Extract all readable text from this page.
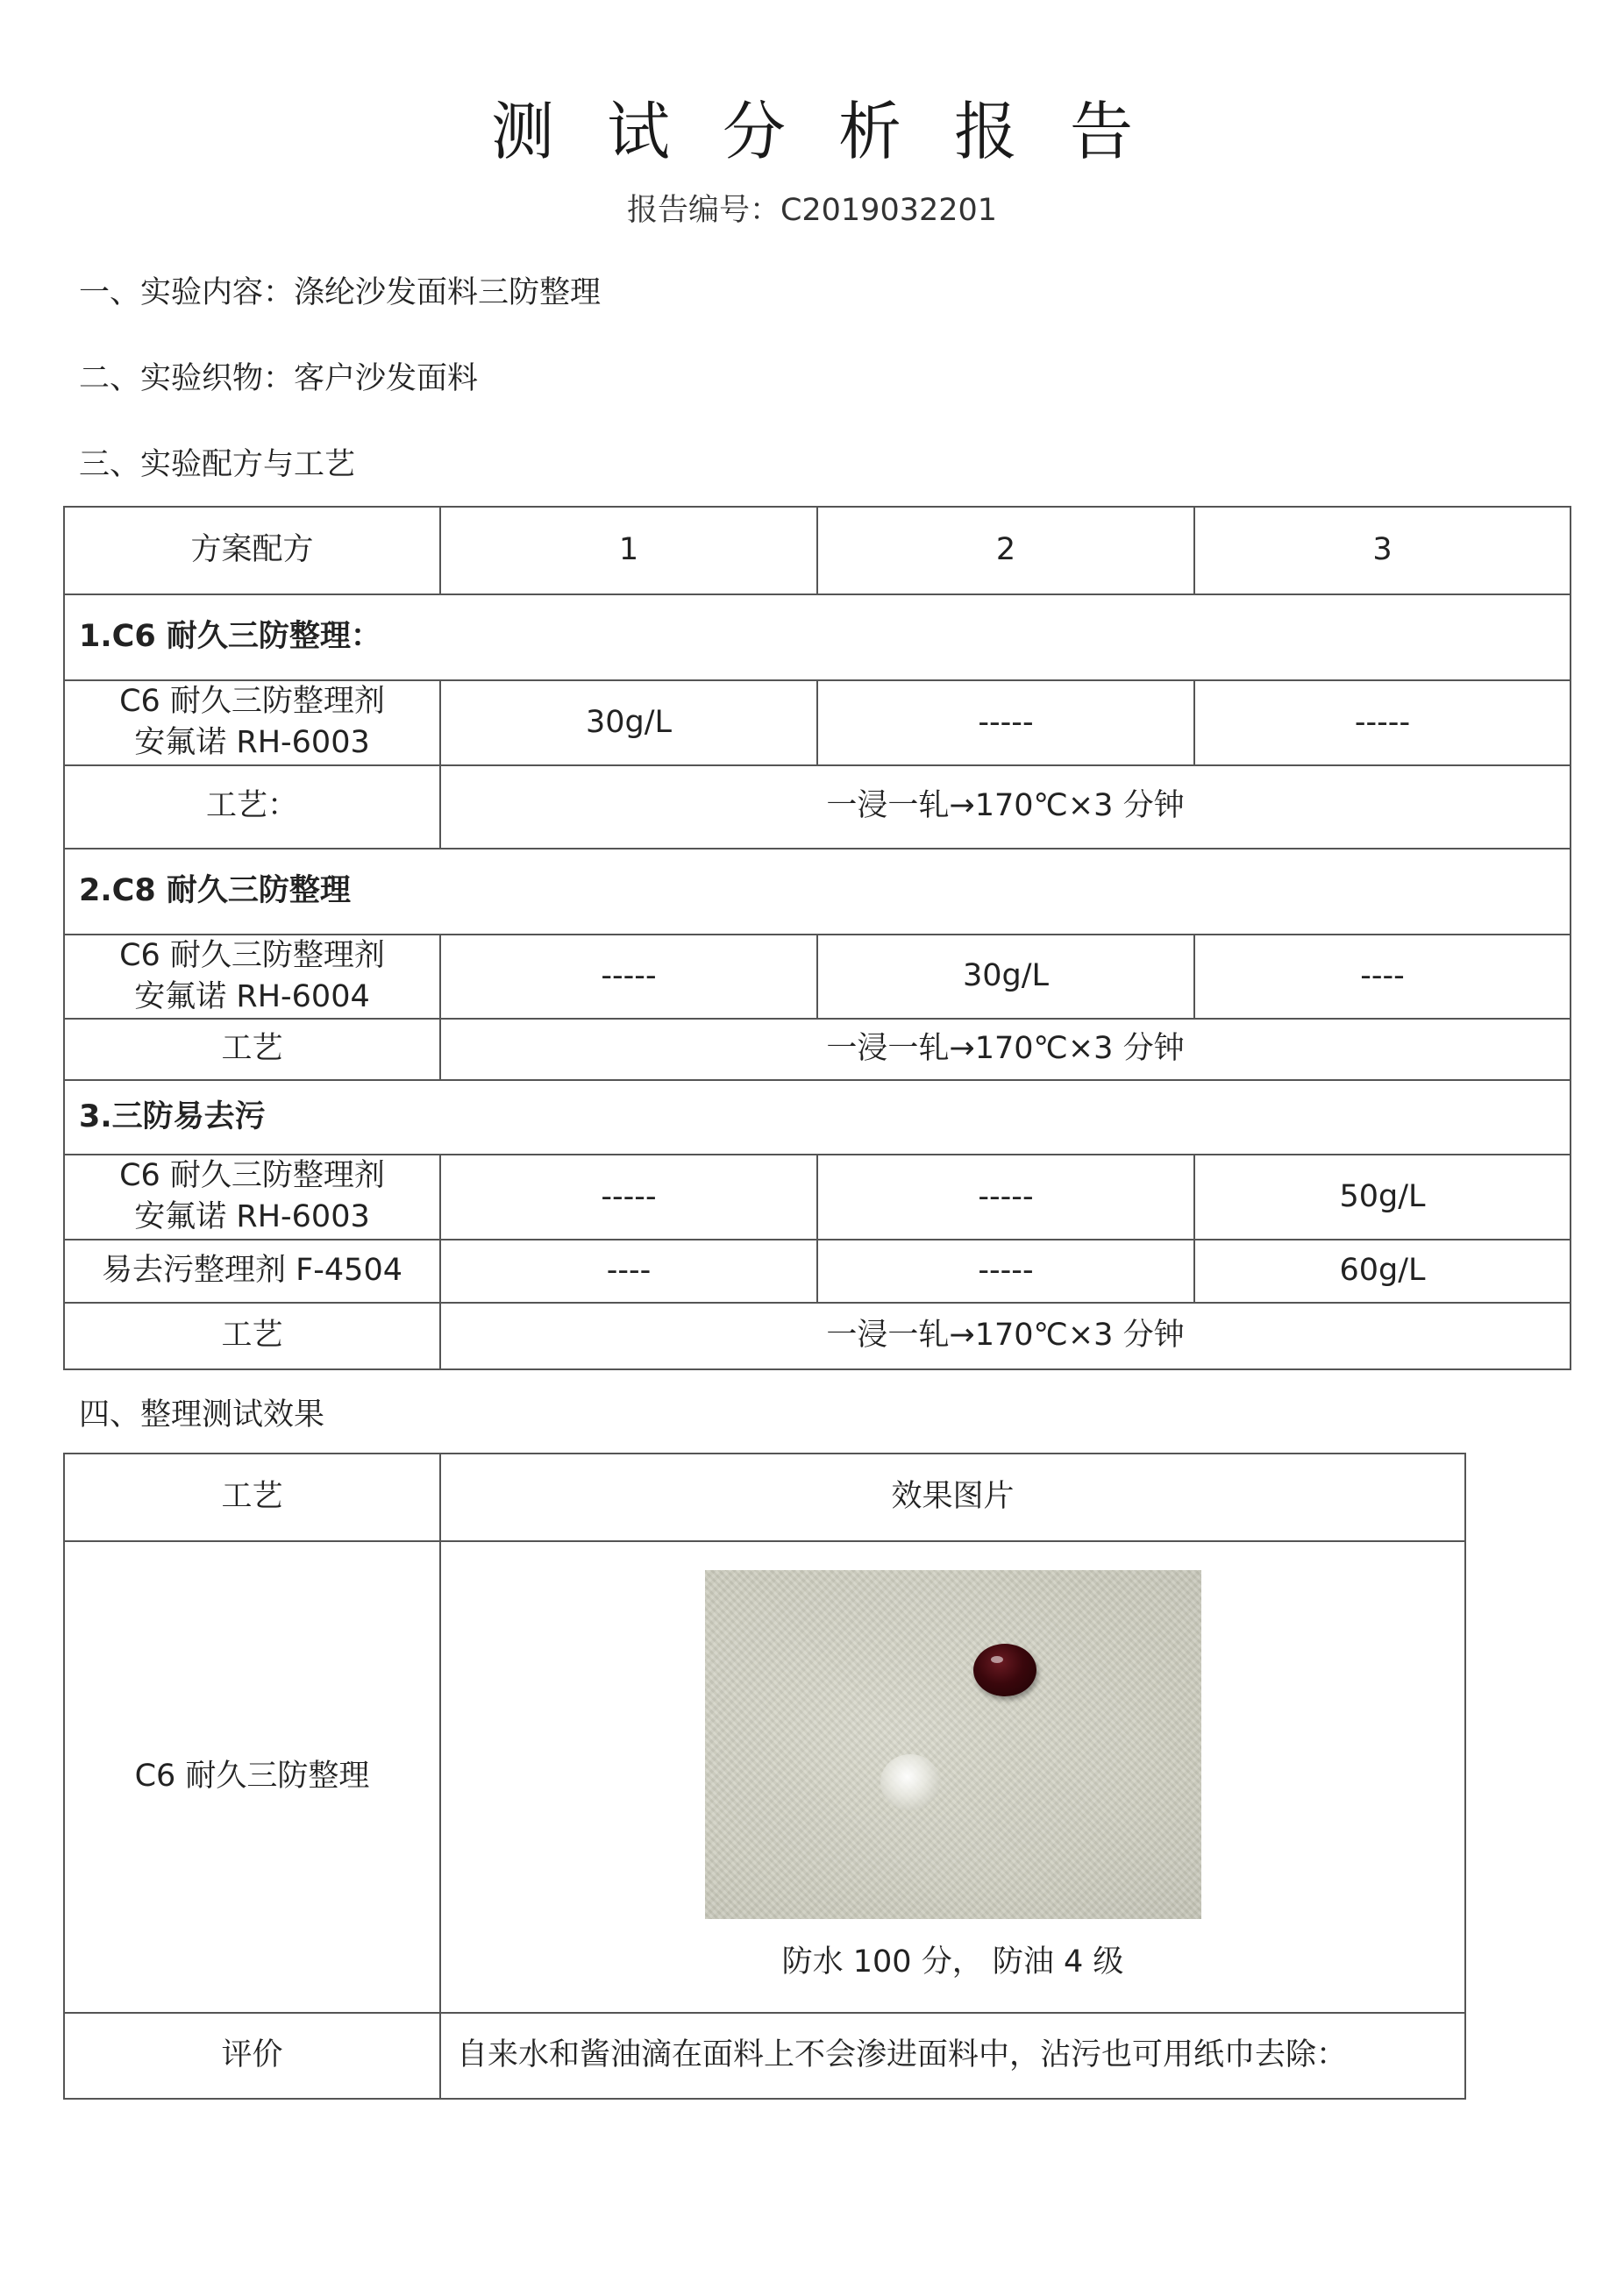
测试分析报告
报告编号：C2019032201
一、实验内容：涤纶沙发面料三防整理
二、实验织物：客户沙发面料
三、实验配方与工艺
方案配方	1	2	3
1.C6 耐久三防整理：			

C6 耐久三防整理剂
安氟诺 RH-6003	30g/L	-----	-----
工艺：	一浸一轧→170℃×3 分钟		
2.C8 耐久三防整理			

C6 耐久三防整理剂
安氟诺 RH-6004	-----	30g/L	----
工艺	一浸一轧→170℃×3 分钟		
3.三防易去污			

C6 耐久三防整理剂
安氟诺 RH-6003	-----	-----	50g/L
易去污整理剂 F-4504	----	-----	60g/L
工艺	一浸一轧→170℃×3 分钟		
四、整理测试效果
工艺	效果图片
C6 耐久三防整理	防水 100 分， 防油 4 级

评价	自来水和酱油滴在面料上不会渗进面料中，沾污也可用纸巾去除：
